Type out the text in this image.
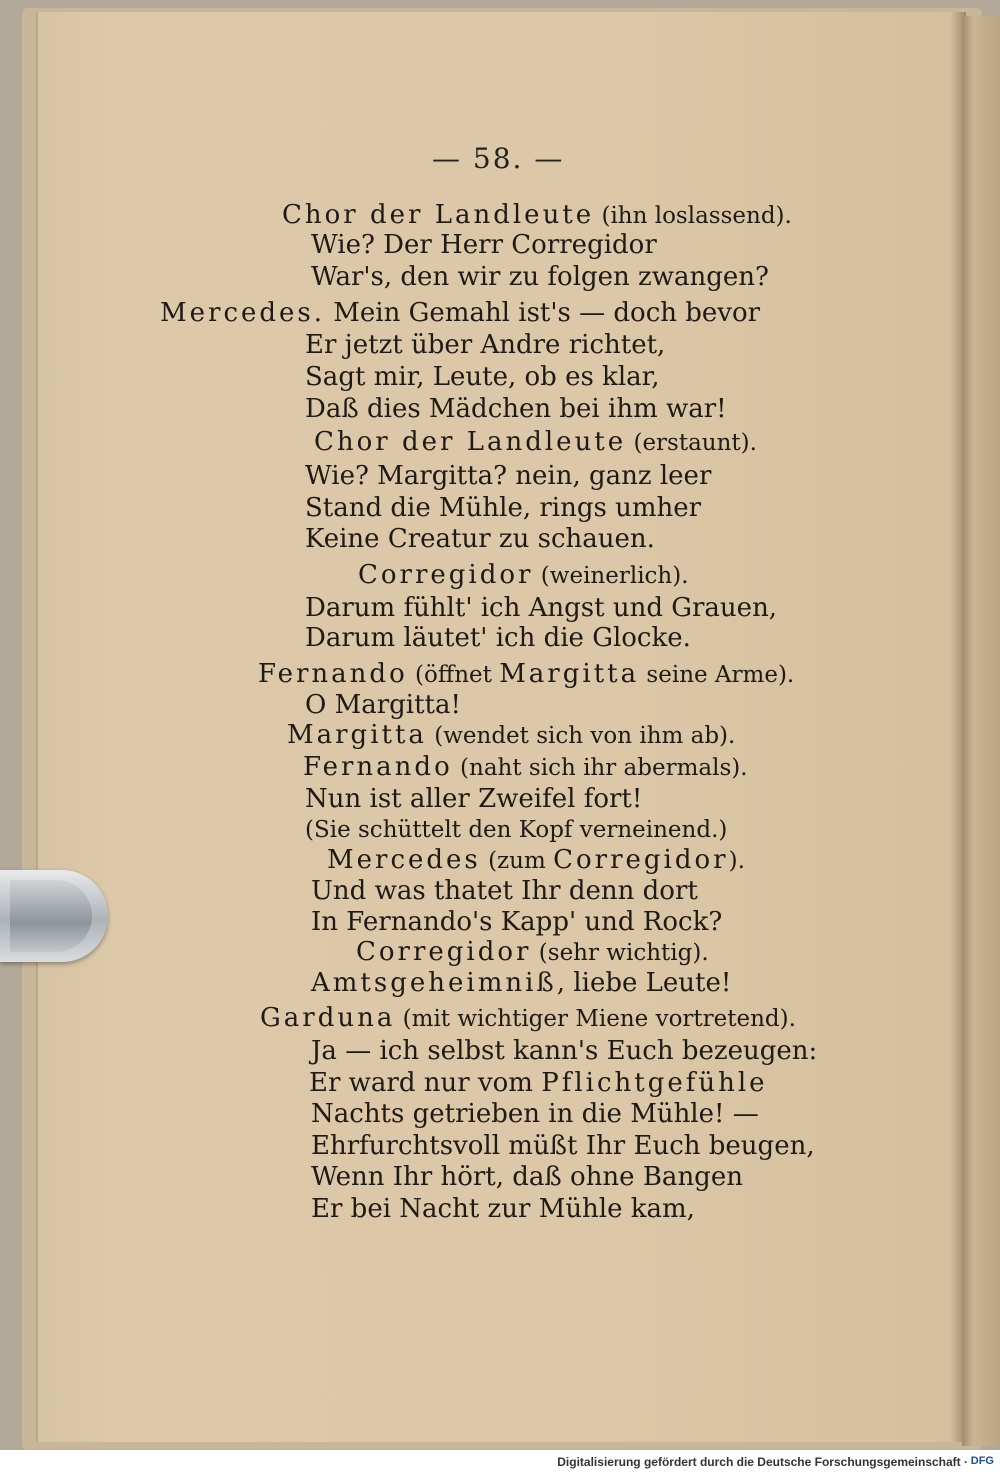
— 58. —
Chor der Landleute (ihn loslassend).
Wie? Der Herr Corregidor
War's, den wir zu folgen zwangen?
Mercedes. Mein Gemahl ist's — doch bevor
Er jetzt über Andre richtet,
Sagt mir, Leute, ob es klar,
Daß dies Mädchen bei ihm war!
Chor der Landleute (erstaunt).
Wie? Margitta? nein, ganz leer
Stand die Mühle, rings umher
Keine Creatur zu schauen.
Corregidor (weinerlich).
Darum fühlt' ich Angst und Grauen,
Darum läutet' ich die Glocke.
Fernando (öffnet Margitta seine Arme).
O Margitta!
Margitta (wendet sich von ihm ab).
Fernando (naht sich ihr abermals).
Nun ist aller Zweifel fort!
(Sie schüttelt den Kopf verneinend.)
Mercedes (zum Corregidor).
Und was thatet Ihr denn dort
In Fernando's Kapp' und Rock?
Corregidor (sehr wichtig).
Amtsgeheimniß, liebe Leute!
Garduna (mit wichtiger Miene vortretend).
Ja — ich selbst kann's Euch bezeugen:
Er ward nur vom Pflichtgefühle
Nachts getrieben in die Mühle! —
Ehrfurchtsvoll müßt Ihr Euch beugen,
Wenn Ihr hört, daß ohne Bangen
Er bei Nacht zur Mühle kam,
Digitalisierung gefördert durch die Deutsche Forschungsgemeinschaft · DFG
